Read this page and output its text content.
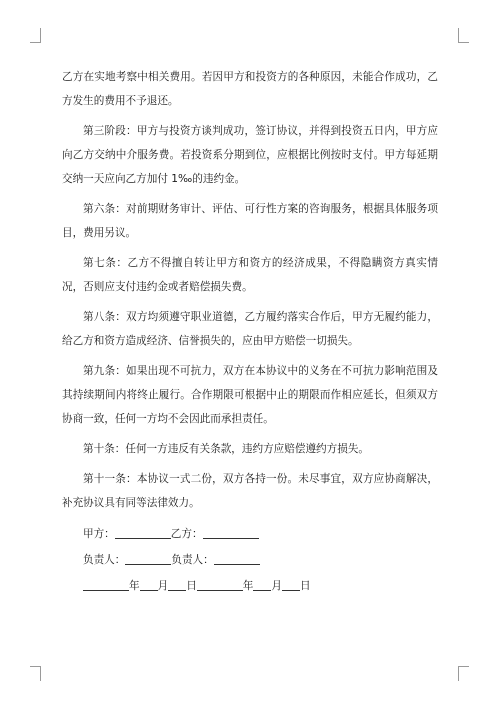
乙方在实地考察中相关费用。若因甲方和投资方的各种原因，未能合作成功，乙方发生的费用不予退还。

第三阶段：甲方与投资方谈判成功，签订协议，并得到投资五日内，甲方应向乙方交纳中介服务费。若投资系分期到位，应根据比例按时支付。甲方每延期交纳一天应向乙方加付 1‰的违约金。

第六条：对前期财务审计、评估、可行性方案的咨询服务，根据具体服务项目，费用另议。

第七条：乙方不得擅自转让甲方和资方的经济成果，不得隐瞒资方真实情况，否则应支付违约金或者赔偿损失费。

第八条：双方均须遵守职业道德，乙方履约落实合作后，甲方无履约能力，给乙方和资方造成经济、信誉损失的，应由甲方赔偿一切损失。

第九条：如果出现不可抗力，双方在本协议中的义务在不可抗力影响范围及其持续期间内将终止履行。合作期限可根据中止的期限而作相应延长，但须双方协商一致，任何一方均不会因此而承担责任。

第十条：任何一方违反有关条款，违约方应赔偿遵约方损失。

第十一条：本协议一式二份，双方各持一份。未尽事宜，双方应协商解决，补充协议具有同等法律效力。

甲方：	乙方：
负责人：	负责人：
年 月 日	年 月 日
